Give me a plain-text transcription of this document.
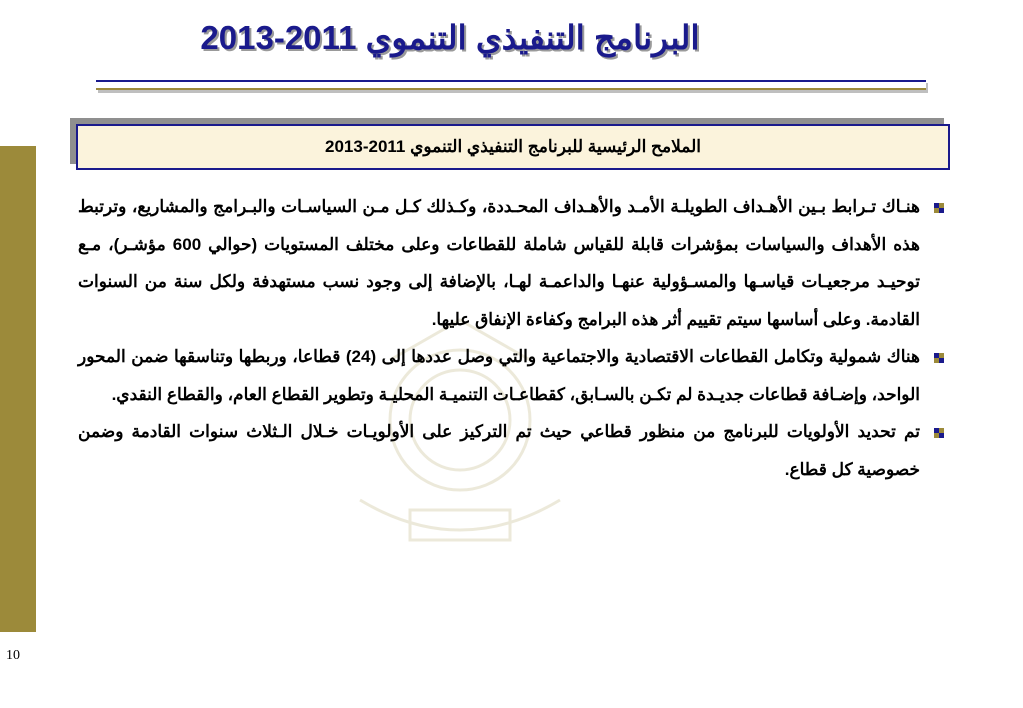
البرنامج التنفيذي التنموي 2011-2013
الملامح الرئيسية للبرنامج التنفيذي التنموي 2011-2013

هنـاك تـرابط بـين الأهـداف الطويلـة الأمـد والأهـداف المحـددة، وكـذلك كـل مـن السياسـات والبـرامج والمشاريع، وترتبط هذه الأهداف والسياسات بمؤشرات قابلة للقياس شاملة للقطاعات وعلى مختلف المستويات (حوالي 600 مؤشـر)، مـع توحيـد مرجعيـات قياسـها والمسـؤولية عنهـا والداعمـة لهـا، بالإضافة إلى وجود نسب مستهدفة ولكل سنة من السنوات القادمة. وعلى أساسها سيتم تقييم أثر هذه البرامج وكفاءة الإنفاق عليها.

هناك شمولية وتكامل القطاعات الاقتصادية والاجتماعية والتي وصل عددها إلى (24) قطاعا، وربطها وتناسقها ضمن المحور الواحد، وإضـافة قطاعات جديـدة لم تكـن بالسـابق، كقطاعـات التنميـة المحليـة وتطوير القطاع العام، والقطاع النقدي.

تم تحديد الأولويات للبرنامج من منظور قطاعي حيث تم التركيز على الأولويـات خـلال الـثلاث سنوات القادمة وضمن خصوصية كل قطاع.

10
